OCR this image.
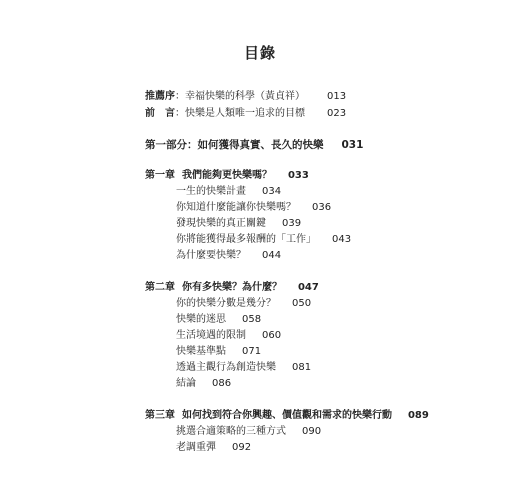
目錄
推薦序：幸福快樂的科學（黃貞祥） 013
前　言：快樂是人類唯一追求的目標 023
第一部分：如何獲得真實、長久的快樂 031
第一章 我們能夠更快樂嗎？ 033
一生的快樂計畫 034
你知道什麼能讓你快樂嗎？ 036
發現快樂的真正關鍵 039
你將能獲得最多報酬的「工作」 043
為什麼要快樂？ 044
第二章 你有多快樂？為什麼？ 047
你的快樂分數是幾分？ 050
快樂的迷思 058
生活境遇的限制 060
快樂基準點 071
透過主觀行為創造快樂 081
結論 086
第三章 如何找到符合你興趣、價值觀和需求的快樂行動 089
挑選合適策略的三種方式 090
老調重彈 092
